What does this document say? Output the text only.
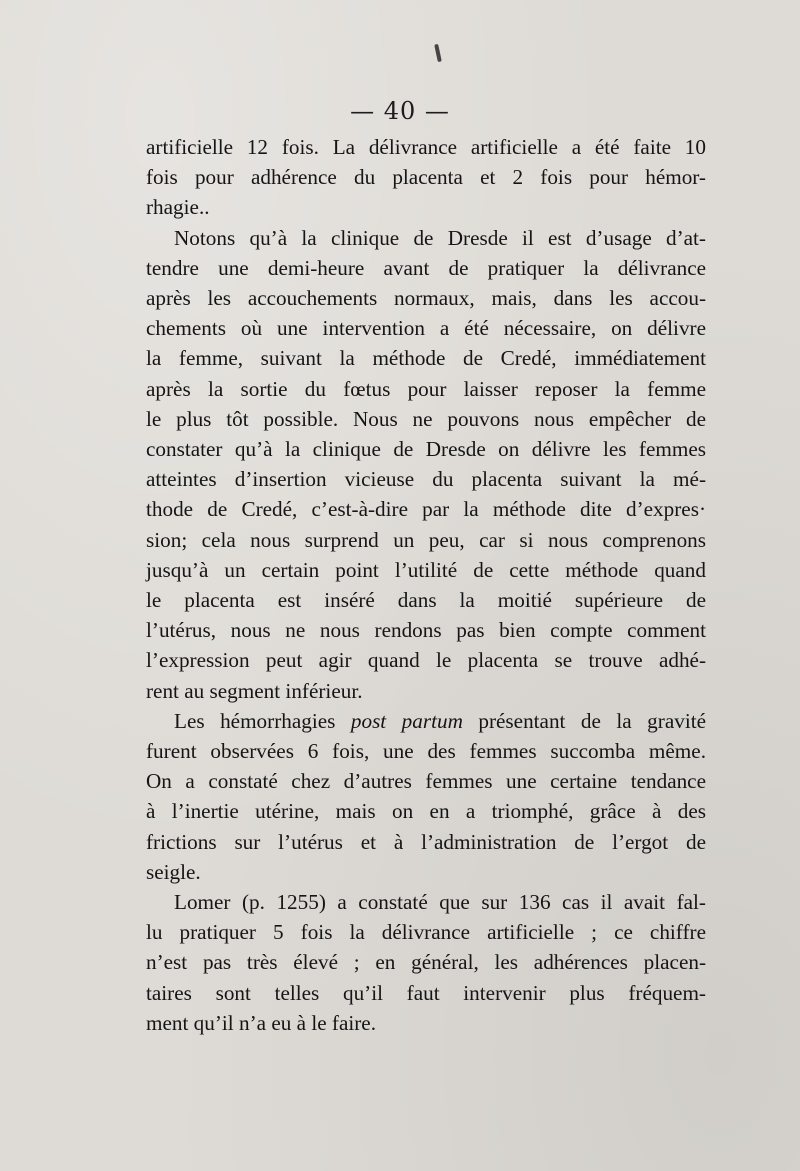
— 40 —
artificielle 12 fois. La délivrance artificielle a été faite 10
fois pour adhérence du placenta et 2 fois pour hémor-
rhagie..
Notons qu’à la clinique de Dresde il est d’usage d’at-
tendre une demi-heure avant de pratiquer la délivrance
après les accouchements normaux, mais, dans les accou-
chements où une intervention a été nécessaire, on délivre
la femme, suivant la méthode de Credé, immédiatement
après la sortie du fœtus pour laisser reposer la femme
le plus tôt possible. Nous ne pouvons nous empêcher de
constater qu’à la clinique de Dresde on délivre les femmes
atteintes d’insertion vicieuse du placenta suivant la mé-
thode de Credé, c’est-à-dire par la méthode dite d’expres·
sion; cela nous surprend un peu, car si nous comprenons
jusqu’à un certain point l’utilité de cette méthode quand
le placenta est inséré dans la moitié supérieure de
l’utérus, nous ne nous rendons pas bien compte comment
l’expression peut agir quand le placenta se trouve adhé-
rent au segment inférieur.
Les hémorrhagies post partum présentant de la gravité
furent observées 6 fois, une des femmes succomba même.
On a constaté chez d’autres femmes une certaine tendance
à l’inertie utérine, mais on en a triomphé, grâce à des
frictions sur l’utérus et à l’administration de l’ergot de
seigle.
Lomer (p. 1255) a constaté que sur 136 cas il avait fal-
lu pratiquer 5 fois la délivrance artificielle ; ce chiffre
n’est pas très élevé ; en général, les adhérences placen-
taires sont telles qu’il faut intervenir plus fréquem-
ment qu’il n’a eu à le faire.
